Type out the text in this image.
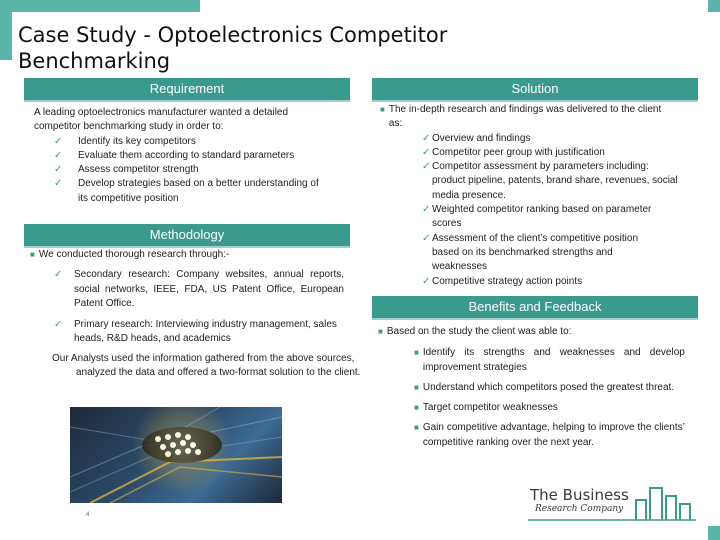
Case Study - Optoelectronics Competitor Benchmarking
Requirement
A leading optoelectronics manufacturer wanted a detailed competitor benchmarking study in order to:
✓	Identify its key competitors
✓	Evaluate them according to standard parameters
✓	Assess competitor strength
✓	Develop strategies based on a better understanding of its competitive position
Methodology
■ We conducted thorough research through:-
✓	Secondary research: Company websites, annual reports, social networks, IEEE, FDA, US Patent Office, European Patent Office.
✓	Primary research: Interviewing industry management, sales heads, R&D heads, and academics
Our Analysts used the information gathered from the above sources, analyzed the data and offered a two-format solution to the client.
4
Solution
■ The in-depth research and findings was delivered to the client as:
✓ Overview and findings
✓ Competitor peer group with justification
✓ Competitor assessment by parameters including: product pipeline, patents, brand share, revenues, social media presence.
✓ Weighted competitor ranking based on parameter scores
✓ Assessment of the client’s competitive position based on its benchmarked strengths and weaknesses
✓ Competitive strategy action points
Benefits and Feedback
■ Based on the study the client was able to:
■ Identify its strengths and weaknesses and develop improvement strategies
■ Understand which competitors posed the greatest threat.
■ Target competitor weaknesses
■ Gain competitive advantage, helping to improve the clients’ competitive ranking over the next year.
The Business
Research Company
